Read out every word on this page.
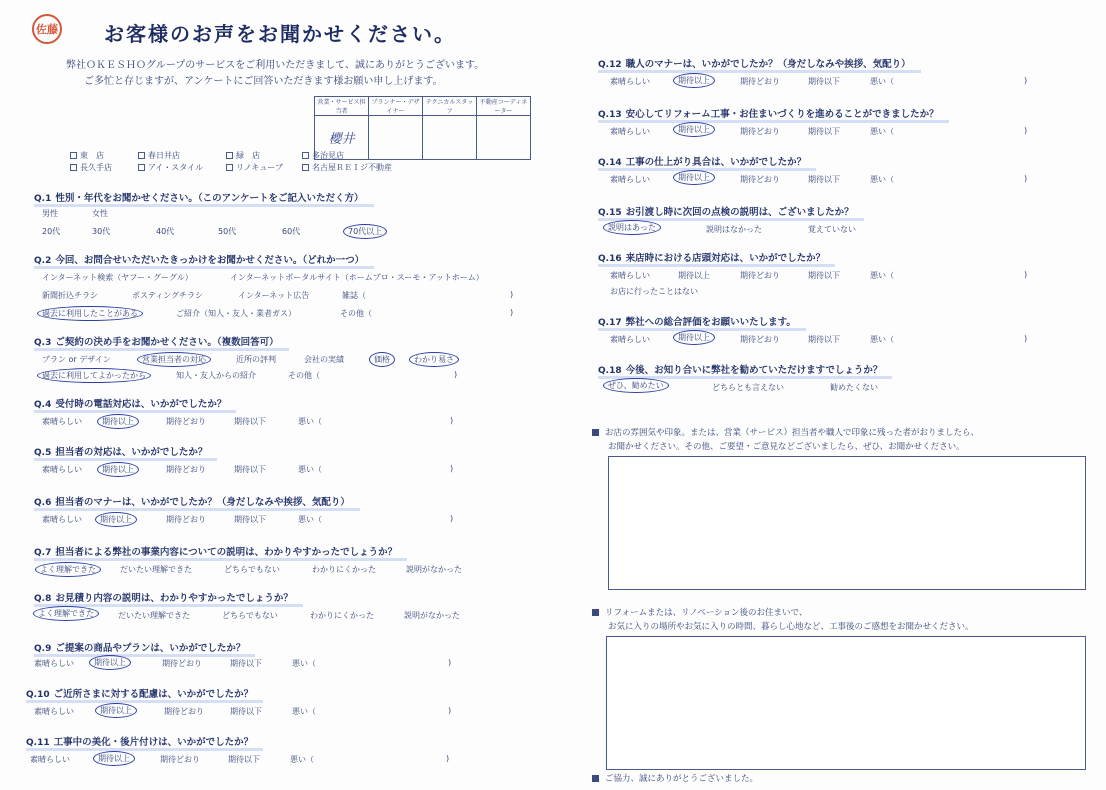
佐藤 お客様のお声をお聞かせください。
弊社ＯＫＥＳＨＯグループのサービスをご利用いただきまして、誠にありがとうございます。
ご多忙と存じますが、アンケートにご回答いただきます様お願い申し上げます。
営業・サービス担当者	プランナー・デザイナー	テクニカルスタッフ	不動産コーディネーター
櫻井			
東　店	春日井店	緑　店	多治見店
長久手店	アイ・スタイル	リノキューブ	名古屋ＲＥＩジ不動産
Q.1 性別・年代をお聞かせください。（このアンケートをご記入いただく方）
男性	女性
20代	30代	40代	50代	60代	70代以上
Q.2 今回、お問合せいただいたきっかけをお聞かせください。（どれか一つ）
インターネット検索（ヤフー・グーグル）	インターネットポータルサイト（ホームプロ・スーモ・アットホーム）
新聞折込チラシ	ポスティングチラシ	インターネット広告	雑誌（	)
過去に利用したことがある	ご紹介（知人・友人・業者ガス）	その他（	)
Q.3 ご契約の決め手をお聞かせください。（複数回答可）
プラン or デザイン	営業担当者の対応	近所の評判	会社の実績	価格	わかり易さ
過去に利用してよかったから	知人・友人からの紹介	その他（	)
Q.4 受付時の電話対応は、いかがでしたか？
素晴らしい	期待以上	期待どおり	期待以下	悪い（	)
Q.5 担当者の対応は、いかがでしたか？
素晴らしい	期待以上	期待どおり	期待以下	悪い（	)
Q.6 担当者のマナーは、いかがでしたか？（身だしなみや挨拶、気配り）
素晴らしい	期待以上	期待どおり	期待以下	悪い（	)
Q.7 担当者による弊社の事業内容についての説明は、わかりやすかったでしょうか？
よく理解できた	だいたい理解できた	どちらでもない	わかりにくかった	説明がなかった
Q.8 お見積り内容の説明は、わかりやすかったでしょうか？
よく理解できた	だいたい理解できた	どちらでもない	わかりにくかった	説明がなかった
Q.9 ご提案の商品やプランは、いかがでしたか？
素晴らしい	期待以上	期待どおり	期待以下	悪い（	)
Q.10 ご近所さまに対する配慮は、いかがでしたか？
素晴らしい	期待以上	期待どおり	期待以下	悪い（	)
Q.11 工事中の美化・後片付けは、いかがでしたか？
素晴らしい	期待以上	期待どおり	期待以下	悪い（	)
Q.12 職人のマナーは、いかがでしたか？（身だしなみや挨拶、気配り）
素晴らしい	期待以上	期待どおり	期待以下	悪い（	)
Q.13 安心してリフォーム工事・お住まいづくりを進めることができましたか？
素晴らしい	期待以上	期待どおり	期待以下	悪い（	)
Q.14 工事の仕上がり具合は、いかがでしたか？
素晴らしい	期待以上	期待どおり	期待以下	悪い（	)
Q.15 お引渡し時に次回の点検の説明は、ございましたか？
説明はあった	説明はなかった	覚えていない
Q.16 来店時における店頭対応は、いかがでしたか？
素晴らしい	期待以上	期待どおり	期待以下	悪い（	)
お店に行ったことはない
Q.17 弊社への総合評価をお願いいたします。
素晴らしい	期待以上	期待どおり	期待以下	悪い（	)
Q.18 今後、お知り合いに弊社を勧めていただけますでしょうか？
ぜひ、勧めたい	どちらとも言えない	勧めたくない
お店の雰囲気や印象。または、営業（サービス）担当者や職人で印象に残った者がおりましたら、
お聞かせください。その他、ご要望・ご意見などございましたら、ぜひ、お聞かせください。
リフォームまたは、リノベーション後のお住まいで、
お気に入りの場所やお気に入りの時間、暮らし心地など、工事後のご感想をお聞かせください。
ご協力、誠にありがとうございました。
